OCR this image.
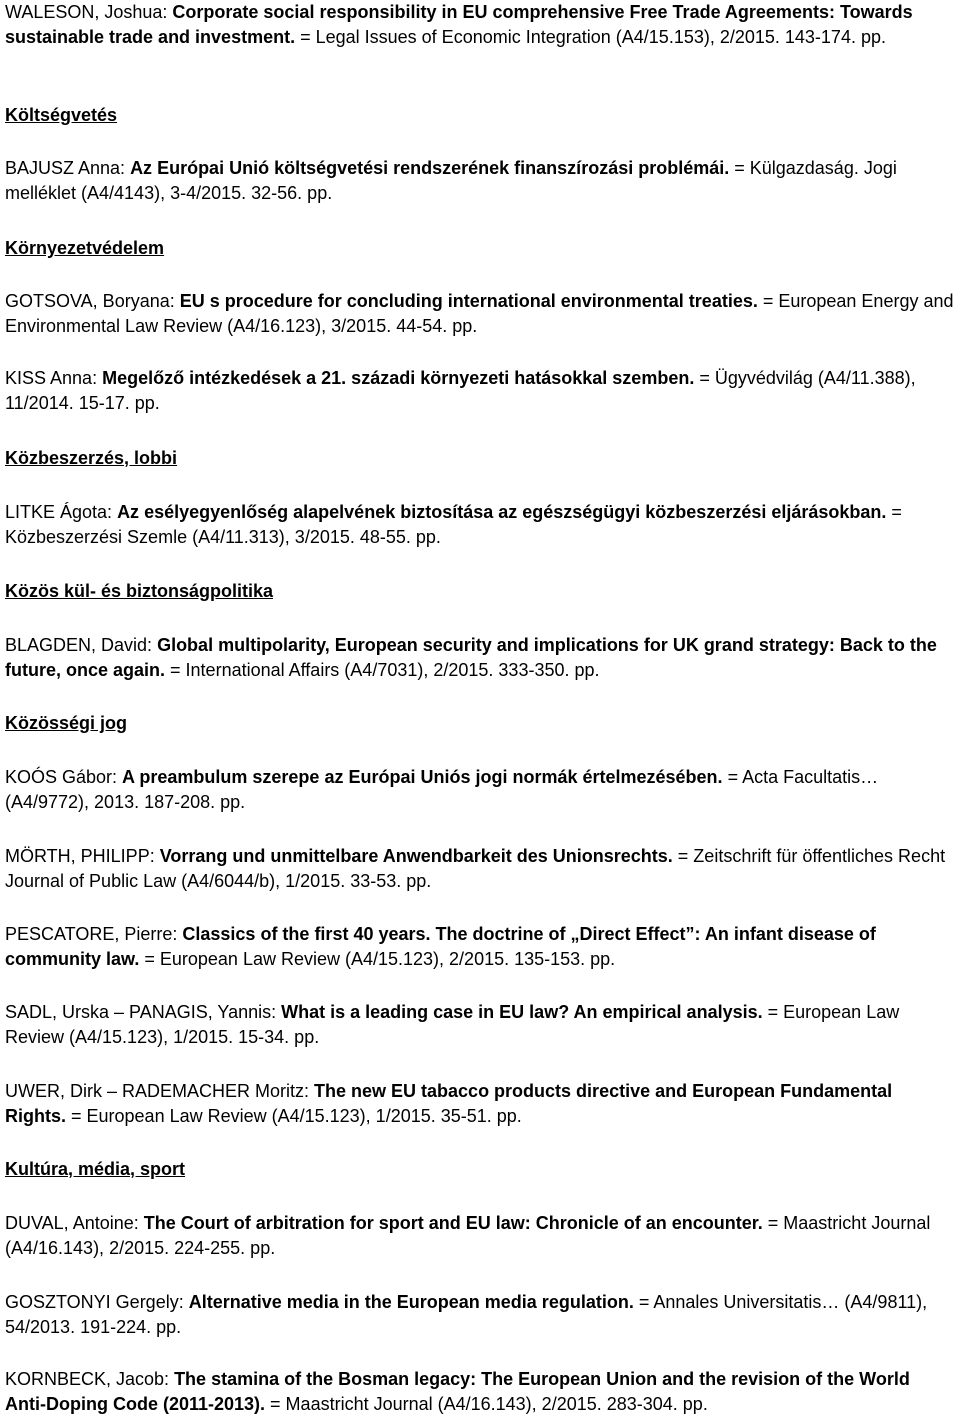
WALESON, Joshua: Corporate social responsibility in EU comprehensive Free Trade Agreements: Towards sustainable trade and investment. = Legal Issues of Economic Integration (A4/15.153), 2/2015. 143-174. pp.

Költségvetés

BAJUSZ Anna: Az Európai Unió költségvetési rendszerének finanszírozási problémái. = Külgazdaság. Jogi melléklet (A4/4143), 3-4/2015. 32-56. pp.

Környezetvédelem

GOTSOVA, Boryana: EU s procedure for concluding international environmental treaties. = European Energy and Environmental Law Review (A4/16.123), 3/2015. 44-54. pp.

KISS Anna: Megelőző intézkedések a 21. századi környezeti hatásokkal szemben. = Ügyvédvilág (A4/11.388), 11/2014. 15-17. pp.

Közbeszerzés, lobbi

LITKE Ágota: Az esélyegyenlőség alapelvének biztosítása az egészségügyi közbeszerzési eljárásokban. = Közbeszerzési Szemle (A4/11.313), 3/2015. 48-55. pp.

Közös kül- és biztonságpolitika

BLAGDEN, David: Global multipolarity, European security and implications for UK grand strategy: Back to the future, once again. = International Affairs (A4/7031), 2/2015. 333-350. pp.

Közösségi jog

KOÓS Gábor: A preambulum szerepe az Európai Uniós jogi normák értelmezésében. = Acta Facultatis… (A4/9772), 2013. 187-208. pp.

MÖRTH, PHILIPP: Vorrang und unmittelbare Anwendbarkeit des Unionsrechts. = Zeitschrift für öffentliches Recht Journal of Public Law (A4/6044/b), 1/2015. 33-53. pp.

PESCATORE, Pierre: Classics of the first 40 years. The doctrine of „Direct Effect”: An infant disease of community law. = European Law Review (A4/15.123), 2/2015. 135-153. pp.

SADL, Urska – PANAGIS, Yannis: What is a leading case in EU law? An empirical analysis. = European Law Review (A4/15.123), 1/2015. 15-34. pp.

UWER, Dirk – RADEMACHER Moritz: The new EU tabacco products directive and European Fundamental Rights. = European Law Review (A4/15.123), 1/2015. 35-51. pp.

Kultúra, média, sport

DUVAL, Antoine: The Court of arbitration for sport and EU law: Chronicle of an encounter. = Maastricht Journal (A4/16.143), 2/2015. 224-255. pp.

GOSZTONYI Gergely: Alternative media in the European media regulation. = Annales Universitatis… (A4/9811), 54/2013. 191-224. pp.

KORNBECK, Jacob: The stamina of the Bosman legacy: The European Union and the revision of the World Anti-Doping Code (2011-2013). = Maastricht Journal (A4/16.143), 2/2015. 283-304. pp.
